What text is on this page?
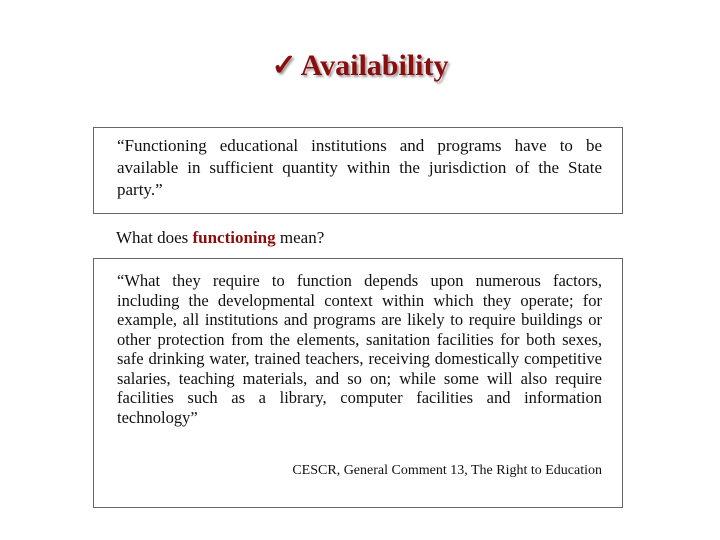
✓ Availability

“Functioning educational institutions and programs have to be available in sufficient quantity within the jurisdiction of the State party.”

What does functioning mean?

“What they require to function depends upon numerous factors, including the developmental context within which they operate; for example, all institutions and programs are likely to require buildings or other protection from the elements, sanitation facilities for both sexes, safe drinking water, trained teachers, receiving domestically competitive salaries, teaching materials, and so on; while some will also require facilities such as a library, computer facilities and information technology”

CESCR, General Comment 13, The Right to Education
